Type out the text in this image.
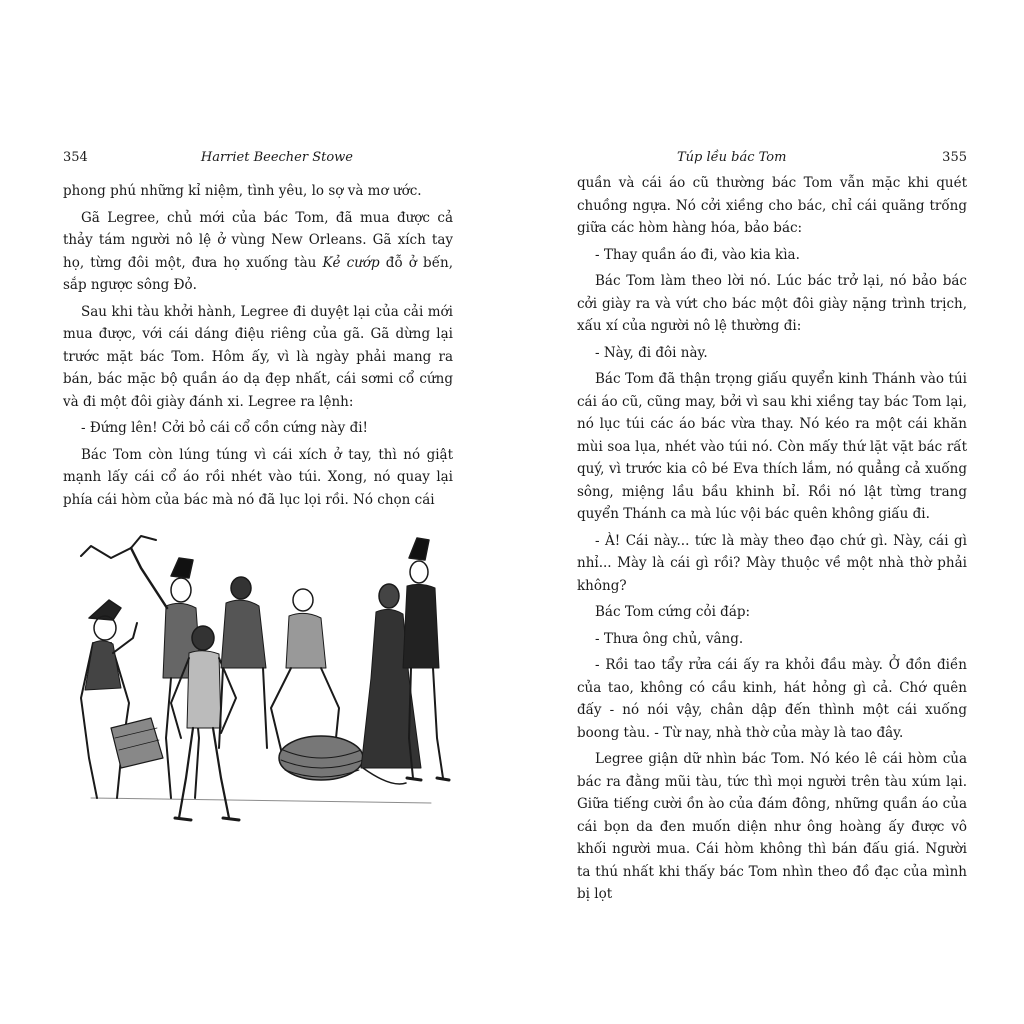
354	Harriet Beecher Stowe

phong phú những kỉ niệm, tình yêu, lo sợ và mơ ước.

Gã Legree, chủ mới của bác Tom, đã mua được cả thảy tám người nô lệ ở vùng New Orleans. Gã xích tay họ, từng đôi một, đưa họ xuống tàu Kẻ cướp đỗ ở bến, sắp ngược sông Đỏ.

Sau khi tàu khởi hành, Legree đi duyệt lại của cải mới mua được, với cái dáng điệu riêng của gã. Gã dừng lại trước mặt bác Tom. Hôm ấy, vì là ngày phải mang ra bán, bác mặc bộ quần áo dạ đẹp nhất, cái sơmi cổ cứng và đi một đôi giày đánh xi. Legree ra lệnh:

- Đứng lên! Cởi bỏ cái cổ cồn cứng này đi!

Bác Tom còn lúng túng vì cái xích ở tay, thì nó giật mạnh lấy cái cổ áo rồi nhét vào túi. Xong, nó quay lại phía cái hòm của bác mà nó đã lục lọi rồi. Nó chọn cái

Túp lều bác Tom	355

quần và cái áo cũ thường bác Tom vẫn mặc khi quét chuồng ngựa. Nó cởi xiềng cho bác, chỉ cái quãng trống giữa các hòm hàng hóa, bảo bác:

- Thay quần áo đi, vào kia kìa.

Bác Tom làm theo lời nó. Lúc bác trở lại, nó bảo bác cởi giày ra và vứt cho bác một đôi giày nặng trình trịch, xấu xí của người nô lệ thường đi:

- Này, đi đôi này.

Bác Tom đã thận trọng giấu quyển kinh Thánh vào túi cái áo cũ, cũng may, bởi vì sau khi xiềng tay bác Tom lại, nó lục túi các áo bác vừa thay. Nó kéo ra một cái khăn mùi soa lụa, nhét vào túi nó. Còn mấy thứ lặt vặt bác rất quý, vì trước kia cô bé Eva thích lắm, nó quẳng cả xuống sông, miệng lầu bầu khinh bỉ. Rồi nó lật từng trang quyển Thánh ca mà lúc vội bác quên không giấu đi.

- À! Cái này... tức là mày theo đạo chứ gì. Này, cái gì nhỉ... Mày là cái gì rồi? Mày thuộc về một nhà thờ phải không?

Bác Tom cứng cỏi đáp:

- Thưa ông chủ, vâng.

- Rồi tao tẩy rửa cái ấy ra khỏi đầu mày. Ở đồn điền của tao, không có cầu kinh, hát hỏng gì cả. Chớ quên đấy - nó nói vậy, chân dập đến thình một cái xuống boong tàu. - Từ nay, nhà thờ của mày là tao đây.

Legree giận dữ nhìn bác Tom. Nó kéo lê cái hòm của bác ra đằng mũi tàu, tức thì mọi người trên tàu xúm lại. Giữa tiếng cười ồn ào của đám đông, những quần áo của cái bọn da đen muốn diện như ông hoàng ấy được vô khối người mua. Cái hòm không thì bán đấu giá. Người ta thú nhất khi thấy bác Tom nhìn theo đồ đạc của mình bị lọt
